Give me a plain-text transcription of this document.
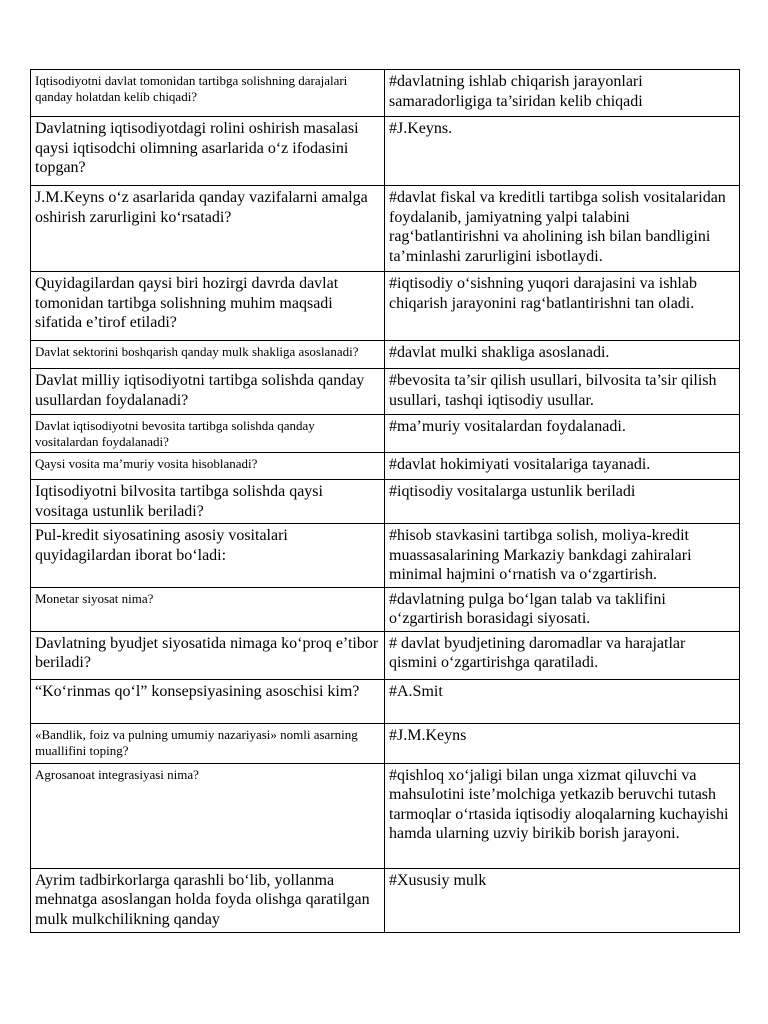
Iqtisodiyotni davlat tomonidan tartibga solishning darajalari qanday holatdan kelib chiqadi?	#davlatning ishlab chiqarish jarayonlari samaradorligiga ta’siridan kelib chiqadi
Davlatning iqtisodiyotdagi rolini oshirish masalasi qaysi iqtisodchi olimning asarlarida o‘z ifodasini topgan?	#J.Keyns.
J.M.Keyns o‘z asarlarida qanday vazifalarni amalga oshirish zarurligini ko‘rsatadi?	#davlat fiskal va kreditli tartibga solish vositalaridan foydalanib, jamiyatning yalpi talabini rag‘batlantirishni va aholining ish bilan bandligini ta’minlashi zarurligini isbotlaydi.
Quyidagilardan qaysi biri hozirgi davrda davlat tomonidan tartibga solishning muhim maqsadi sifatida e’tirof etiladi?	#iqtisodiy o‘sishning yuqori darajasini va ishlab chiqarish jarayonini rag‘batlantirishni tan oladi.
Davlat sektorini boshqarish qanday mulk shakliga asoslanadi?	#davlat mulki shakliga asoslanadi.
Davlat milliy iqtisodiyotni tartibga solishda qanday usullardan foydalanadi?	#bevosita ta’sir qilish usullari, bilvosita ta’sir qilish usullari, tashqi iqtisodiy usullar.
Davlat iqtisodiyotni bevosita tartibga solishda qanday vositalardan foydalanadi?	#ma’muriy vositalardan foydalanadi.
Qaysi vosita ma’muriy vosita hisoblanadi?	#davlat hokimiyati vositalariga tayanadi.
Iqtisodiyotni bilvosita tartibga solishda qaysi vositaga ustunlik beriladi?	#iqtisodiy vositalarga ustunlik beriladi
Pul-kredit siyosatining asosiy vositalari quyidagilardan iborat bo‘ladi:	#hisob stavkasini tartibga solish, moliya-kredit muassasalarining Markaziy bankdagi zahiralari minimal hajmini o‘rnatish va o‘zgartirish.
Monetar siyosat nima?	#davlatning pulga bo‘lgan talab va taklifini o‘zgartirish borasidagi siyosati.
Davlatning byudjet siyosatida nimaga ko‘proq e’tibor beriladi?	# davlat byudjetining daromadlar va harajatlar qismini o‘zgartirishga qaratiladi.
“Ko‘rinmas qo‘l” konsepsiyasining asoschisi kim?	#A.Smit
«Bandlik, foiz va pulning umumiy nazariyasi» nomli asarning muallifini toping?	#J.M.Keyns
Agrosanoat integrasiyasi nima?	#qishloq xo‘jaligi bilan unga xizmat qiluvchi va mahsulotini iste’molchiga yetkazib beruvchi tutash tarmoqlar o‘rtasida iqtisodiy aloqalarning kuchayishi hamda ularning uzviy birikib borish jarayoni.
Ayrim tadbirkorlarga qarashli bo‘lib, yollanma mehnatga asoslangan holda foyda olishga qaratilgan mulk mulkchilikning qanday	#Xususiy mulk
